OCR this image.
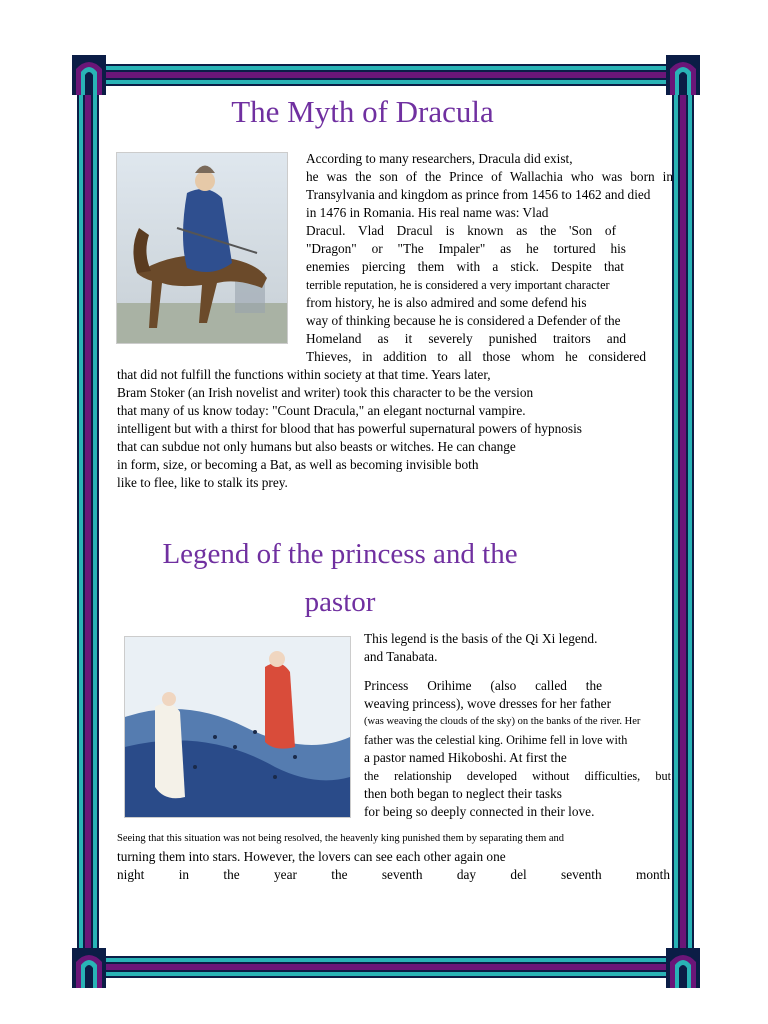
The Myth of Dracula
According to many researchers, Dracula did exist,
he was the son of the Prince of Wallachia who was born in
Transylvania and kingdom as prince from 1456 to 1462 and died
in 1476 in Romania. His real name was: Vlad
Dracul. Vlad Dracul is known as the 'Son of
"Dragon" or "The Impaler" as he tortured his
enemies piercing them with a stick. Despite that
terrible reputation, he is considered a very important character
from history, he is also admired and some defend his
way of thinking because he is considered a Defender of the
Homeland as it severely punished traitors and
Thieves, in addition to all those whom he considered
that did not fulfill the functions within society at that time. Years later,
Bram Stoker (an Irish novelist and writer) took this character to be the version
that many of us know today: "Count Dracula," an elegant nocturnal vampire.
intelligent but with a thirst for blood that has powerful supernatural powers of hypnosis
that can subdue not only humans but also beasts or witches. He can change
in form, size, or becoming a Bat, as well as becoming invisible both
like to flee, like to stalk its prey.
Legend of the princess and the
pastor
This legend is the basis of the Qi Xi legend.
and Tanabata.
Princess Orihime (also called the
weaving princess), wove dresses for her father
(was weaving the clouds of the sky) on the banks of the river. Her
father was the celestial king. Orihime fell in love with
a pastor named Hikoboshi. At first the
the relationship developed without difficulties, but
then both began to neglect their tasks
for being so deeply connected in their love.
Seeing that this situation was not being resolved, the heavenly king punished them by separating them and
turning them into stars. However, the lovers can see each other again one
night in the year the seventh day del seventh month
